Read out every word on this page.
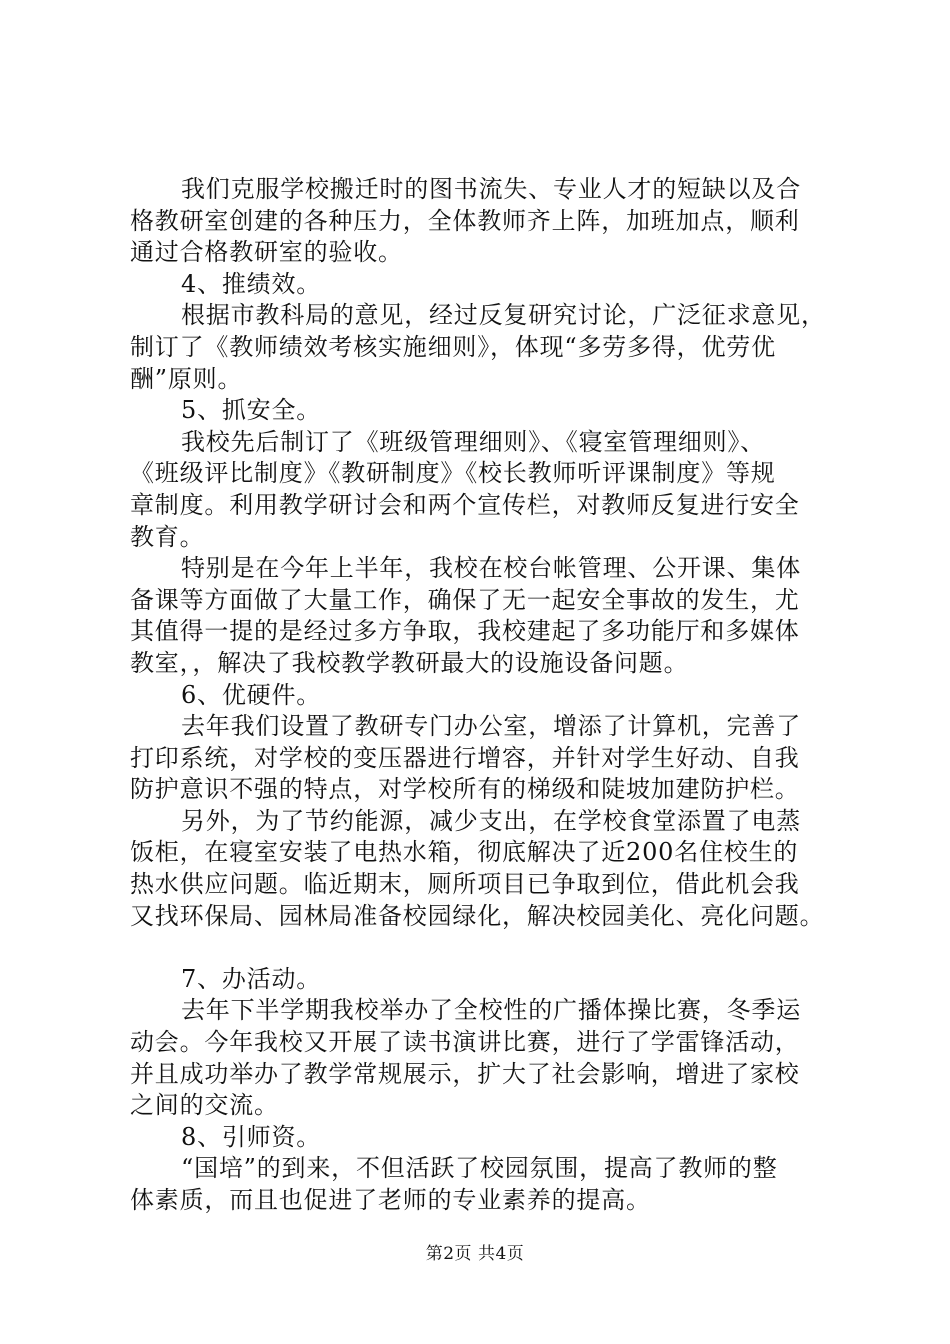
我们克服学校搬迁时的图书流失、专业人才的短缺以及合
格教研室创建的各种压力，全体教师齐上阵，加班加点，顺利
通过合格教研室的验收。
4、推绩效。
根据市教科局的意见，经过反复研究讨论，广泛征求意见，
制订了《教师绩效考核实施细则》，体现“多劳多得，优劳优
酬”原则。
5、抓安全。
我校先后制订了《班级管理细则》、《寝室管理细则》、
《班级评比制度》《教研制度》《校长教师听评课制度》等规
章制度。利用教学研讨会和两个宣传栏，对教师反复进行安全
教育。
特别是在今年上半年，我校在校台帐管理、公开课、集体
备课等方面做了大量工作，确保了无一起安全事故的发生，尤
其值得一提的是经过多方争取，我校建起了多功能厅和多媒体
教室，，解决了我校教学教研最大的设施设备问题。
6、优硬件。
去年我们设置了教研专门办公室，增添了计算机，完善了
打印系统，对学校的变压器进行增容，并针对学生好动、自我
防护意识不强的特点，对学校所有的梯级和陡坡加建防护栏。
另外，为了节约能源，减少支出，在学校食堂添置了电蒸
饭柜，在寝室安装了电热水箱，彻底解决了近200名住校生的
热水供应问题。临近期末，厕所项目已争取到位，借此机会我
又找环保局、园林局准备校园绿化，解决校园美化、亮化问题。
7、办活动。
去年下半学期我校举办了全校性的广播体操比赛，冬季运
动会。今年我校又开展了读书演讲比赛，进行了学雷锋活动，
并且成功举办了教学常规展示，扩大了社会影响，增进了家校
之间的交流。
8、引师资。
“国培”的到来，不但活跃了校园氛围，提高了教师的整
体素质，而且也促进了老师的专业素养的提高。
第2页 共4页
